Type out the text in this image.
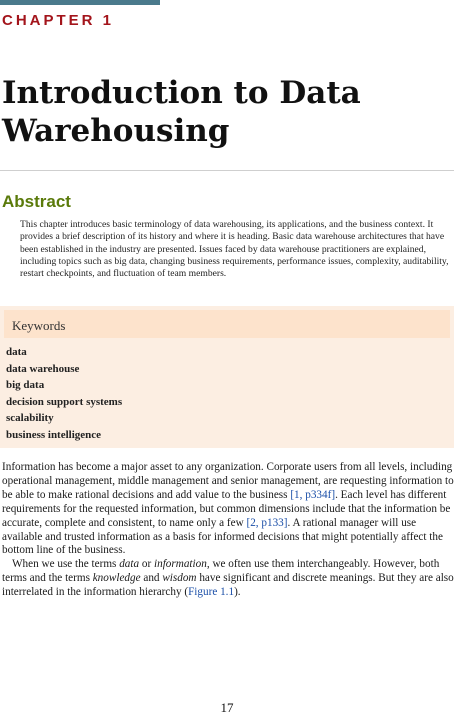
CHAPTER 1
Introduction to Data Warehousing
Abstract

This chapter introduces basic terminology of data warehousing, its applications, and the business context. It provides a brief description of its history and where it is heading. Basic data warehouse architectures that have been established in the industry are presented. Issues faced by data warehouse practitioners are explained, including topics such as big data, changing business requirements, performance issues, complexity, auditability, restart checkpoints, and fluctuation of team members.

Keywords
data
data warehouse
big data
decision support systems
scalability
business intelligence
Information has become a major asset to any organization. Corporate users from all levels, including operational management, middle management and senior management, are requesting information to be able to make rational decisions and add value to the business [1, p334f]. Each level has different requirements for the requested information, but common dimensions include that the information be accurate, complete and consistent, to name only a few [2, p133]. A rational manager will use available and trusted information as a basis for informed decisions that might potentially affect the bottom line of the business.
When we use the terms data or information, we often use them interchangeably. However, both terms and the terms knowledge and wisdom have significant and discrete meanings. But they are also interrelated in the information hierarchy (Figure 1.1).
17
